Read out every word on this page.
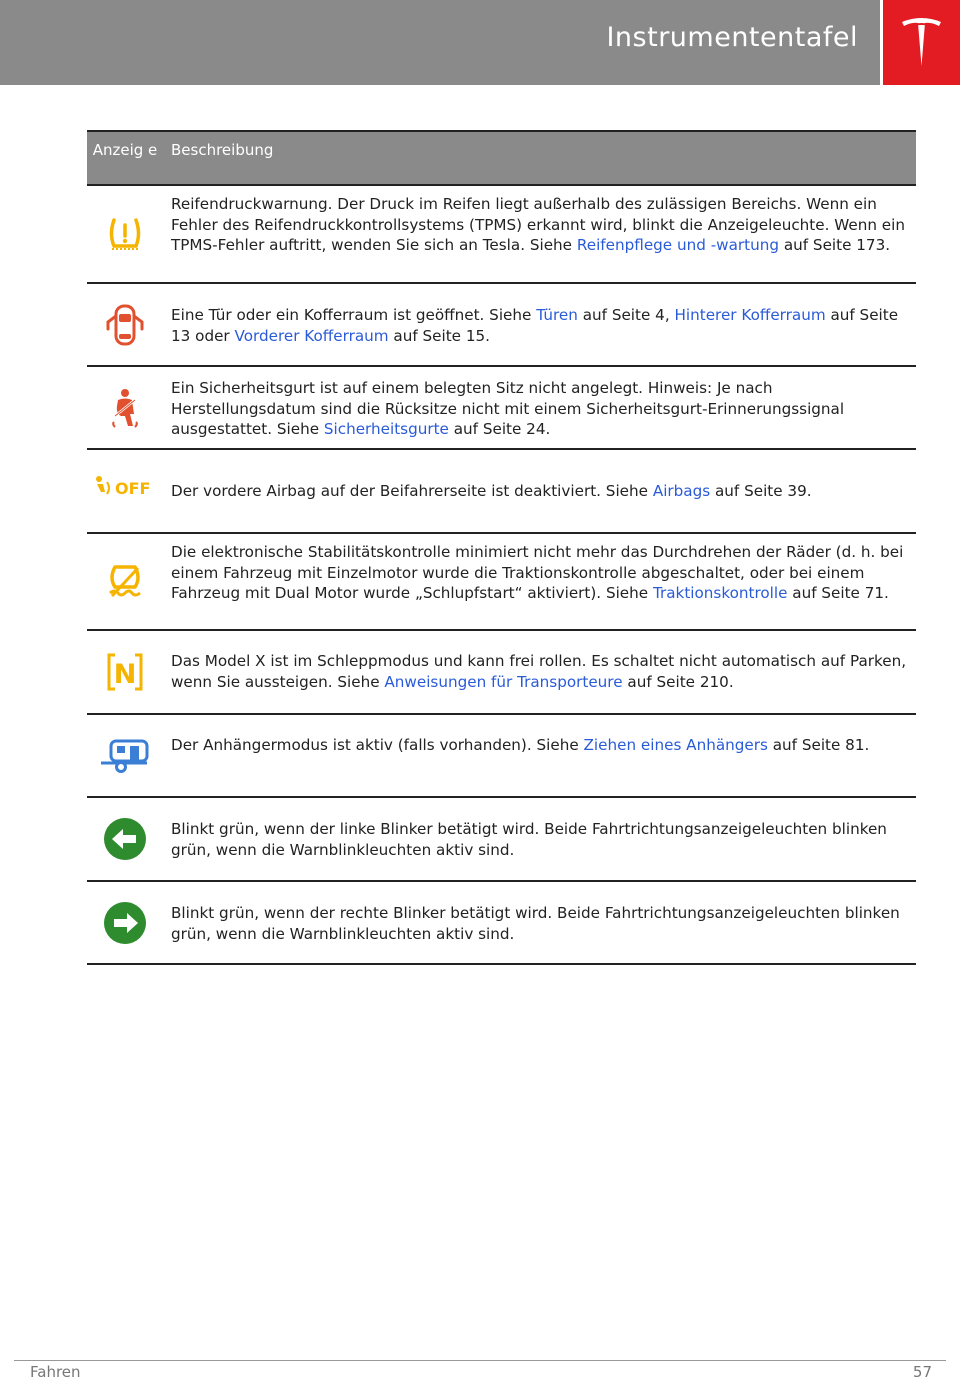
Instrumententafel
Anzeig e Beschreibung
Reifendruckwarnung. Der Druck im Reifen liegt außerhalb des zulässigen Bereichs. Wenn ein Fehler des Reifendruckkontrollsystems (TPMS) erkannt wird, blinkt die Anzeigeleuchte. Wenn ein TPMS-Fehler auftritt, wenden Sie sich an Tesla. Siehe Reifenpflege und -wartung auf Seite 173.
Eine Tür oder ein Kofferraum ist geöffnet. Siehe Türen auf Seite 4, Hinterer Kofferraum auf Seite 13 oder Vorderer Kofferraum auf Seite 15.
Ein Sicherheitsgurt ist auf einem belegten Sitz nicht angelegt. Hinweis: Je nach Herstellungsdatum sind die Rücksitze nicht mit einem Sicherheitsgurt-Erinnerungssignal ausgestattet. Siehe Sicherheitsgurte auf Seite 24.
OFF Der vordere Airbag auf der Beifahrerseite ist deaktiviert. Siehe Airbags auf Seite 39.
Die elektronische Stabilitätskontrolle minimiert nicht mehr das Durchdrehen der Räder (d. h. bei einem Fahrzeug mit Einzelmotor wurde die Traktionskontrolle abgeschaltet, oder bei einem Fahrzeug mit Dual Motor wurde „Schlupfstart“ aktiviert). Siehe Traktionskontrolle auf Seite 71.
N Das Model X ist im Schleppmodus und kann frei rollen. Es schaltet nicht automatisch auf Parken, wenn Sie aussteigen. Siehe Anweisungen für Transporteure auf Seite 210.
Der Anhängermodus ist aktiv (falls vorhanden). Siehe Ziehen eines Anhängers auf Seite 81.
Blinkt grün, wenn der linke Blinker betätigt wird. Beide Fahrtrichtungsanzeigeleuchten blinken grün, wenn die Warnblinkleuchten aktiv sind.
Blinkt grün, wenn der rechte Blinker betätigt wird. Beide Fahrtrichtungsanzeigeleuchten blinken grün, wenn die Warnblinkleuchten aktiv sind.
Fahren	57
